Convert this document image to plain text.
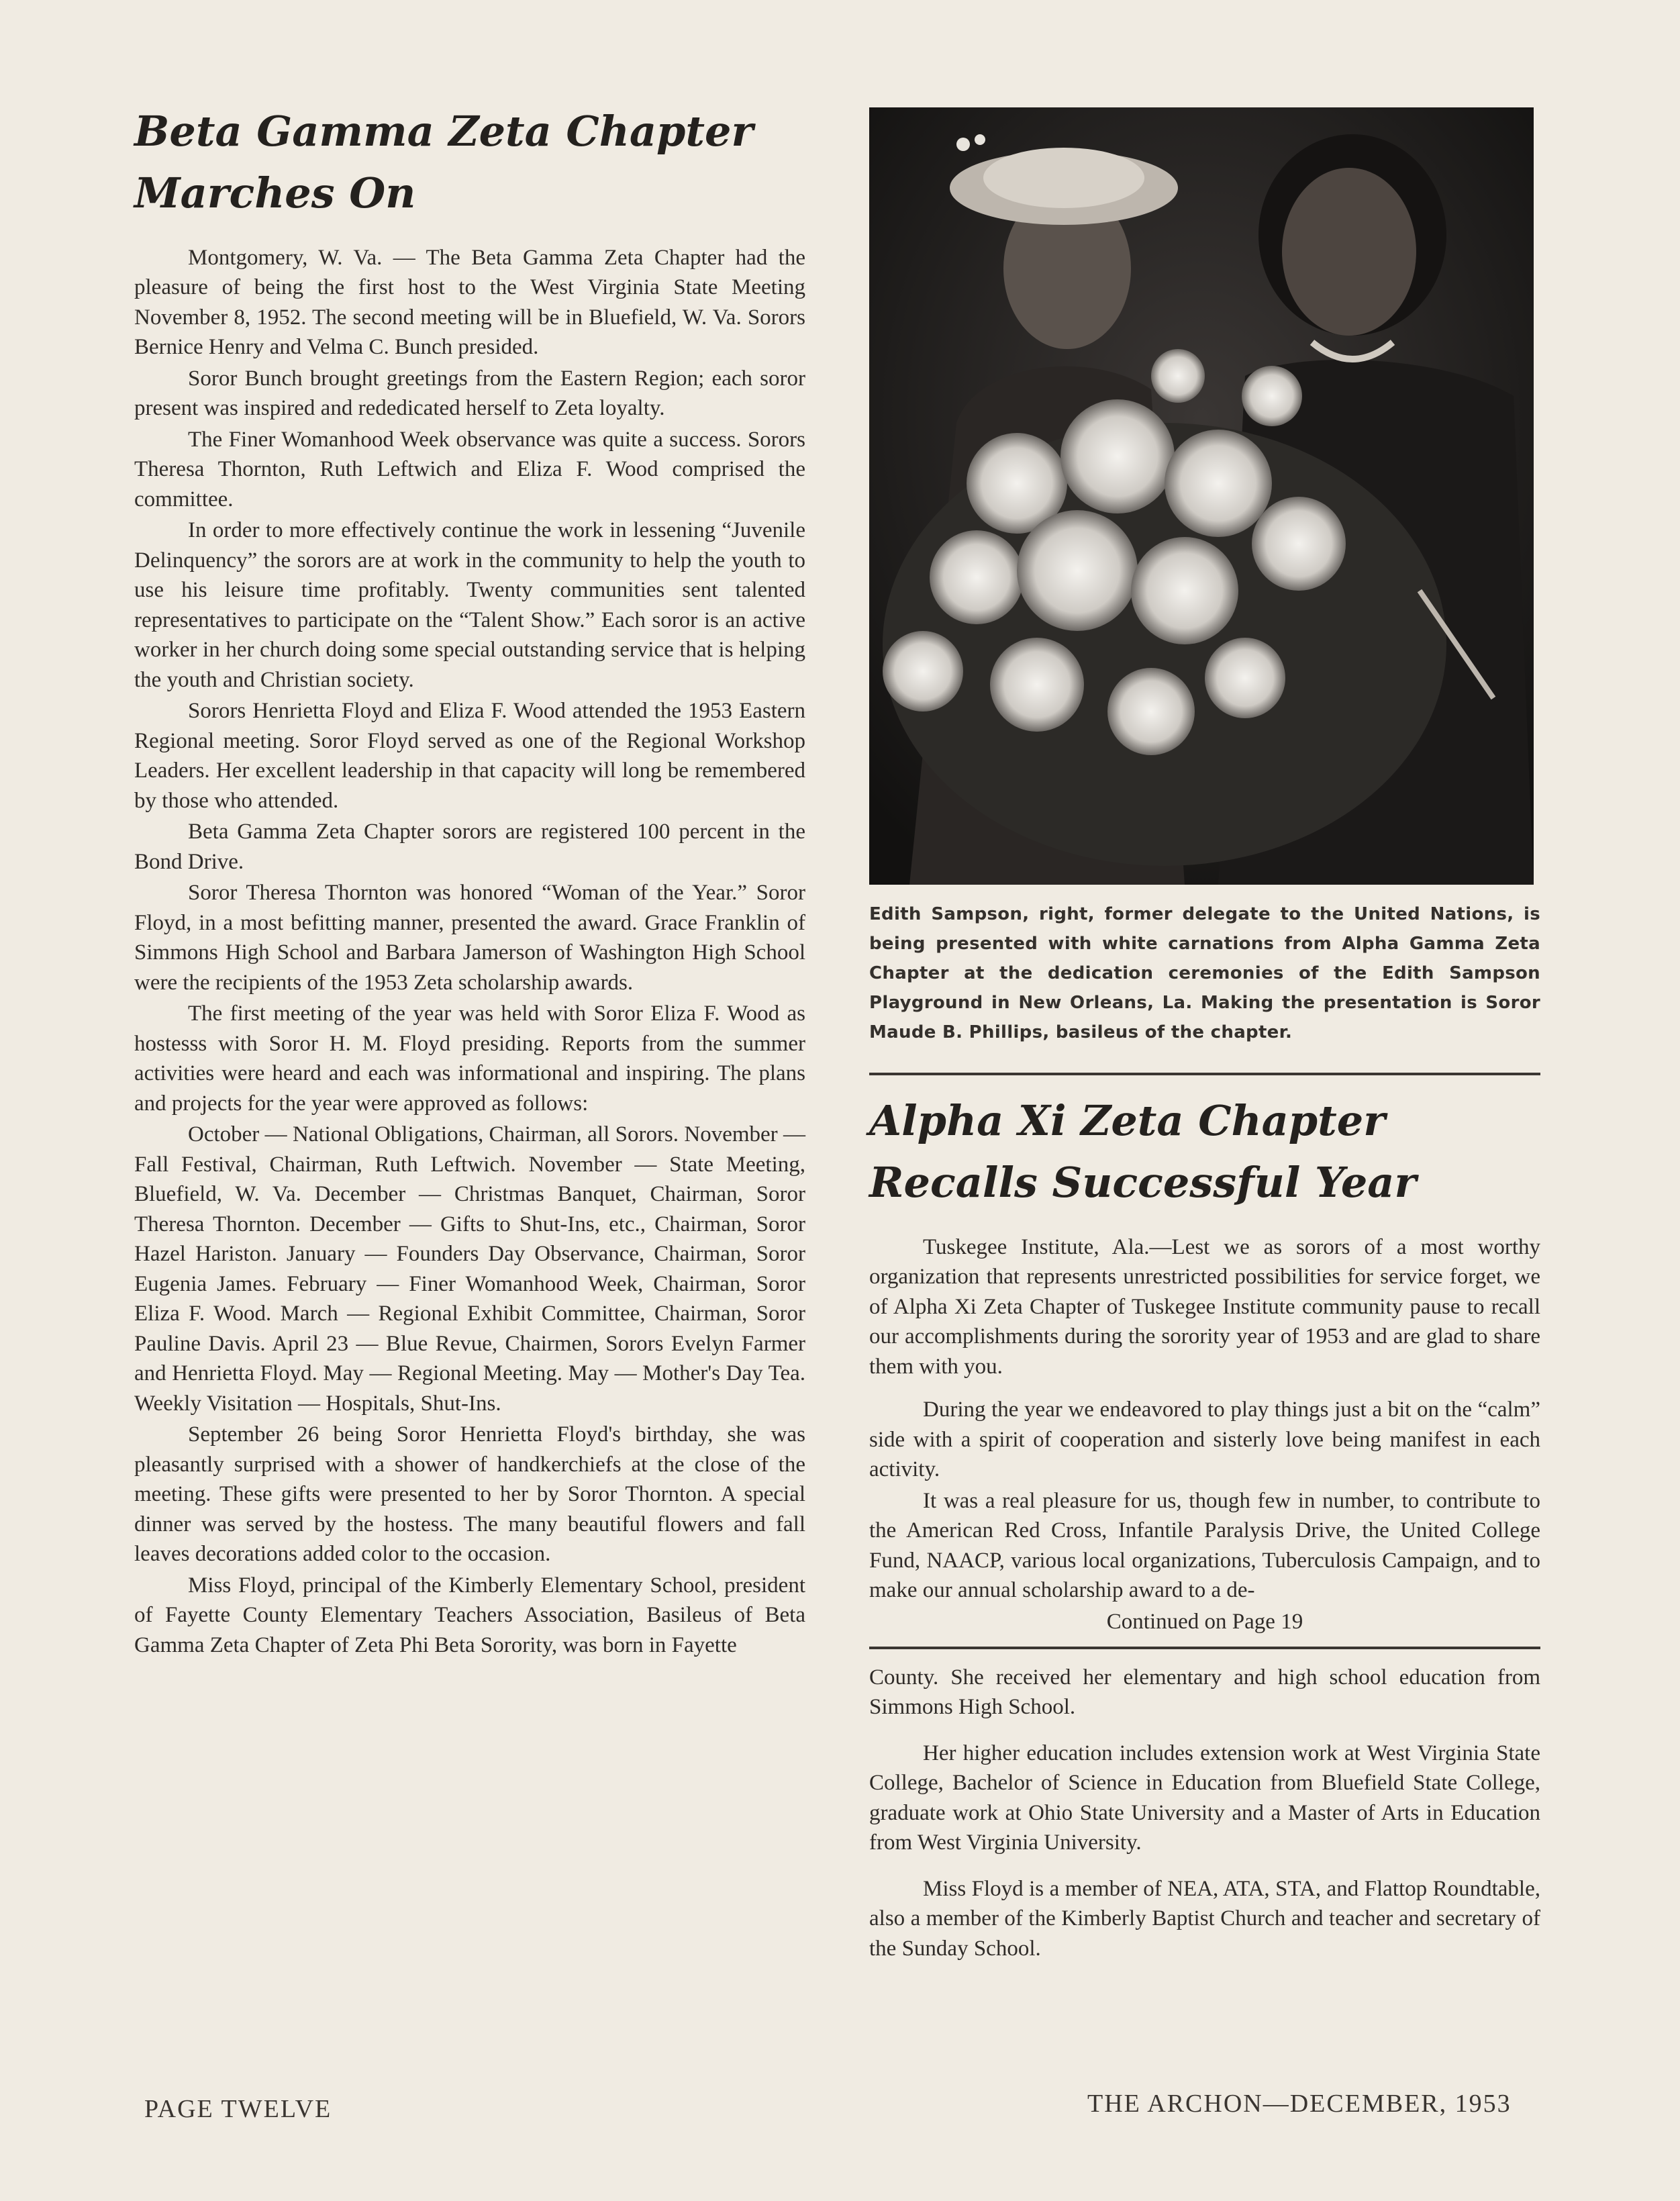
Beta Gamma Zeta Chapter
Marches On

Montgomery, W. Va. — The Beta Gamma Zeta Chapter had the pleasure of being the first host to the West Virginia State Meeting November 8, 1952. The second meeting will be in Bluefield, W. Va. Sorors Bernice Henry and Velma C. Bunch presided.

Soror Bunch brought greetings from the Eastern Region; each soror present was inspired and rededicated herself to Zeta loyalty.

The Finer Womanhood Week observance was quite a success. Sorors Theresa Thornton, Ruth Leftwich and Eliza F. Wood comprised the committee.

In order to more effectively continue the work in lessening “Juvenile Delinquency” the sorors are at work in the community to help the youth to use his leisure time profitably. Twenty communities sent talented representatives to participate on the “Talent Show.” Each soror is an active worker in her church doing some special outstanding service that is helping the youth and Christian society.

Sorors Henrietta Floyd and Eliza F. Wood attended the 1953 Eastern Regional meeting. Soror Floyd served as one of the Regional Workshop Leaders. Her excellent leadership in that capacity will long be remembered by those who attended.

Beta Gamma Zeta Chapter sorors are registered 100 percent in the Bond Drive.

Soror Theresa Thornton was honored “Woman of the Year.” Soror Floyd, in a most befitting manner, presented the award. Grace Franklin of Simmons High School and Barbara Jamerson of Washington High School were the recipients of the 1953 Zeta scholarship awards.

The first meeting of the year was held with Soror Eliza F. Wood as hostesss with Soror H. M. Floyd presiding. Reports from the summer activities were heard and each was informational and inspiring. The plans and projects for the year were approved as follows:

October — National Obligations, Chairman, all Sorors. November — Fall Festival, Chairman, Ruth Leftwich. November — State Meeting, Bluefield, W. Va. December — Christmas Banquet, Chairman, Soror Theresa Thornton. December — Gifts to Shut-Ins, etc., Chairman, Soror Hazel Hariston. January — Founders Day Observance, Chairman, Soror Eugenia James. February — Finer Womanhood Week, Chairman, Soror Eliza F. Wood. March — Regional Exhibit Committee, Chairman, Soror Pauline Davis. April 23 — Blue Revue, Chairmen, Sorors Evelyn Farmer and Henrietta Floyd. May — Regional Meeting. May — Mother's Day Tea. Weekly Visitation — Hospitals, Shut-Ins.

September 26 being Soror Henrietta Floyd's birthday, she was pleasantly surprised with a shower of handkerchiefs at the close of the meeting. These gifts were presented to her by Soror Thornton. A special dinner was served by the hostess. The many beautiful flowers and fall leaves decorations added color to the occasion.

Miss Floyd, principal of the Kimberly Elementary School, president of Fayette County Elementary Teachers Association, Basileus of Beta Gamma Zeta Chapter of Zeta Phi Beta Sorority, was born in Fayette

Edith Sampson, right, former delegate to the United Nations, is being presented with white carnations from Alpha Gamma Zeta Chapter at the dedication ceremonies of the Edith Sampson Playground in New Orleans, La. Making the presentation is Soror Maude B. Phillips, basileus of the chapter.
Alpha Xi Zeta Chapter
Recalls Successful Year

Tuskegee Institute, Ala.—Lest we as sorors of a most worthy organization that represents unrestricted possibilities for service forget, we of Alpha Xi Zeta Chapter of Tuskegee Institute community pause to recall our accomplishments during the sorority year of 1953 and are glad to share them with you.

During the year we endeavored to play things just a bit on the “calm” side with a spirit of cooperation and sisterly love being manifest in each activity.

It was a real pleasure for us, though few in number, to contribute to the American Red Cross, Infantile Paralysis Drive, the United College Fund, NAACP, various local organizations, Tuberculosis Campaign, and to make our annual scholarship award to a de-

Continued on Page 19

County. She received her elementary and high school education from Simmons High School.

Her higher education includes extension work at West Virginia State College, Bachelor of Science in Education from Bluefield State College, graduate work at Ohio State University and a Master of Arts in Education from West Virginia University.

Miss Floyd is a member of NEA, ATA, STA, and Flattop Roundtable, also a member of the Kimberly Baptist Church and teacher and secretary of the Sunday School.

PAGE TWELVE	THE ARCHON—DECEMBER, 1953
